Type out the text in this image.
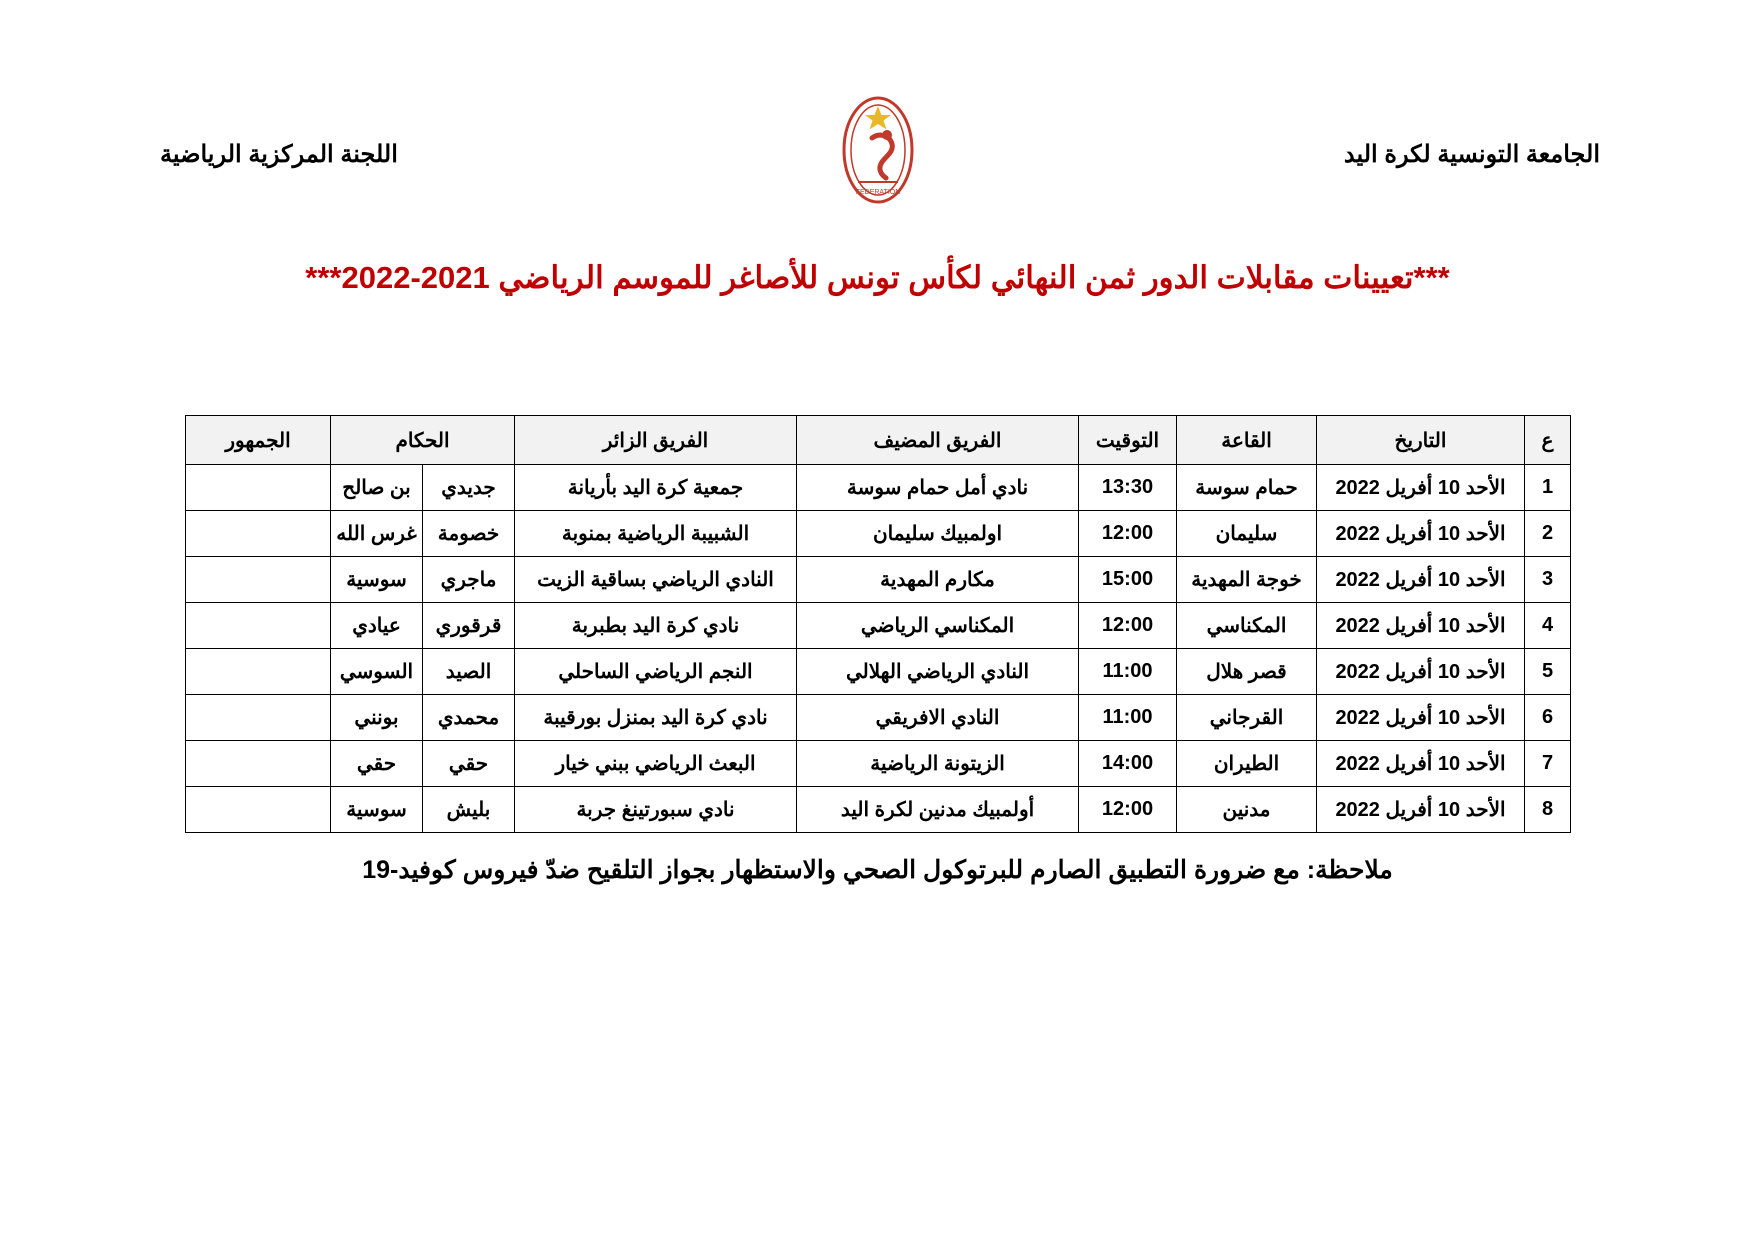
الجامعة التونسية لكرة اليد
اللجنة المركزية الرياضية
FEDERATION
***تعيينات مقابلات الدور ثمن النهائي لكأس تونس للأصاغر للموسم الرياضي 2021-2022***
ع	التاريخ	القاعة	التوقيت	الفريق المضيف	الفريق الزائر	الحكام		الجمهور
1	الأحد 10 أفريل 2022	حمام سوسة	13:30	نادي أمل حمام سوسة	جمعية كرة اليد بأريانة	جديدي	بن صالح	
2	الأحد 10 أفريل 2022	سليمان	12:00	اولمبيك سليمان	الشبيبة الرياضية بمنوبة	خصومة	غرس الله	
3	الأحد 10 أفريل 2022	خوجة المهدية	15:00	مكارم المهدية	النادي الرياضي بساقية الزيت	ماجري	سوسية	
4	الأحد 10 أفريل 2022	المكناسي	12:00	المكناسي الرياضي	نادي كرة اليد بطبربة	قرقوري	عيادي	
5	الأحد 10 أفريل 2022	قصر هلال	11:00	النادي الرياضي الهلالي	النجم الرياضي الساحلي	الصيد	السوسي	
6	الأحد 10 أفريل 2022	القرجاني	11:00	النادي الافريقي	نادي كرة اليد بمنزل بورقيبة	محمدي	بونني	
7	الأحد 10 أفريل 2022	الطيران	14:00	الزيتونة الرياضية	البعث الرياضي ببني خيار	حقي	حقي	
8	الأحد 10 أفريل 2022	مدنين	12:00	أولمبيك مدنين لكرة اليد	نادي سبورتينغ جربة	بليش	سوسية	
ملاحظة: مع ضرورة التطبيق الصارم للبرتوكول الصحي والاستظهار بجواز التلقيح ضدّ فيروس كوفيد-19
